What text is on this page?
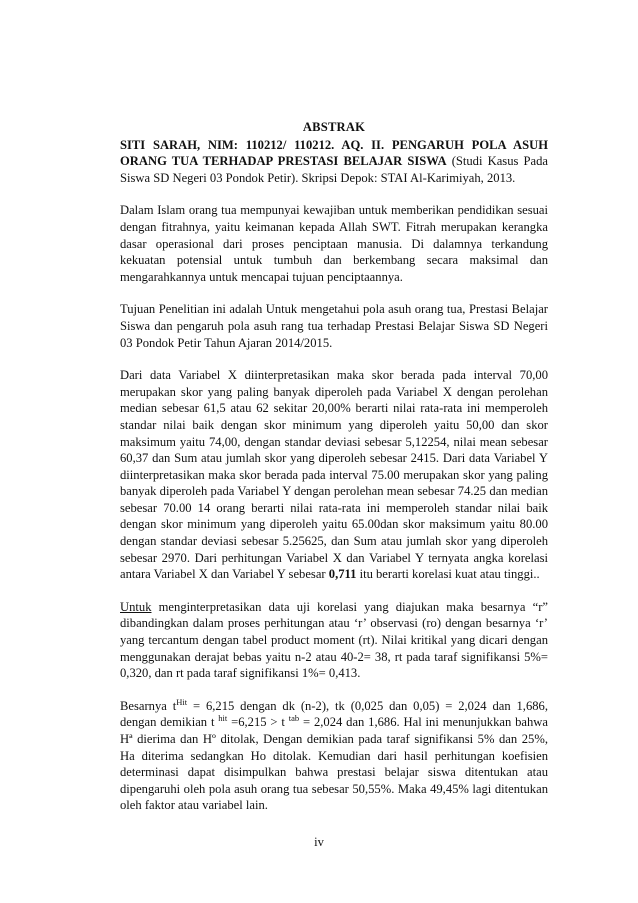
ABSTRAK

SITI SARAH, NIM: 110212/ 110212. AQ. II. PENGARUH POLA ASUH ORANG TUA TERHADAP PRESTASI BELAJAR SISWA (Studi Kasus Pada Siswa SD Negeri 03 Pondok Petir). Skripsi Depok: STAI Al-Karimiyah, 2013.

Dalam Islam orang tua mempunyai kewajiban untuk memberikan pendidikan sesuai dengan fitrahnya, yaitu keimanan kepada Allah SWT. Fitrah merupakan kerangka dasar operasional dari proses penciptaan manusia. Di dalamnya terkandung kekuatan potensial untuk tumbuh dan berkembang secara maksimal dan mengarahkannya untuk mencapai tujuan penciptaannya.

Tujuan Penelitian ini adalah Untuk mengetahui pola asuh orang tua, Prestasi Belajar Siswa dan pengaruh pola asuh rang tua terhadap Prestasi Belajar Siswa SD Negeri 03 Pondok Petir Tahun Ajaran 2014/2015.

Dari data Variabel X diinterpretasikan maka skor berada pada interval 70,00 merupakan skor yang paling banyak diperoleh pada Variabel X dengan perolehan median sebesar 61,5 atau 62 sekitar 20,00% berarti nilai rata-rata ini memperoleh standar nilai baik dengan skor minimum yang diperoleh yaitu 50,00 dan skor maksimum yaitu 74,00, dengan standar deviasi sebesar 5,12254, nilai mean sebesar 60,37 dan Sum atau jumlah skor yang diperoleh sebesar 2415. Dari data Variabel Y diinterpretasikan maka skor berada pada interval 75.00 merupakan skor yang paling banyak diperoleh pada Variabel Y dengan perolehan mean sebesar 74.25 dan median sebesar 70.00 14 orang berarti nilai rata-rata ini memperoleh standar nilai baik dengan skor minimum yang diperoleh yaitu 65.00dan skor maksimum yaitu 80.00 dengan standar deviasi sebesar 5.25625, dan Sum atau jumlah skor yang diperoleh sebesar 2970. Dari perhitungan Variabel X dan Variabel Y ternyata angka korelasi antara Variabel X dan Variabel Y sebesar 0,711 itu berarti korelasi kuat atau tinggi..

Untuk menginterpretasikan data uji korelasi yang diajukan maka besarnya “r” dibandingkan dalam proses perhitungan atau ‘r’ observasi (ro) dengan besarnya ‘r’ yang tercantum dengan tabel product moment (rt). Nilai kritikal yang dicari dengan menggunakan derajat bebas yaitu n-2 atau 40-2= 38, rt pada taraf signifikansi 5%= 0,320, dan rt pada taraf signifikansi 1%= 0,413.

Besarnya $t^{Hit} = 6,215$ dengan dk (n-2), tk (0,025 dan 0,05) = 2,024 dan 1,686, dengan demikian t $^{hit}$ =6,215 > t $^{tab}$ = 2,024 dan 1,686. Hal ini menunjukkan bahwa Hª dierima dan Hº ditolak, Dengan demikian pada taraf signifikansi 5% dan 25%, Ha diterima sedangkan Ho ditolak. Kemudian dari hasil perhitungan koefisien determinasi dapat disimpulkan bahwa prestasi belajar siswa ditentukan atau dipengaruhi oleh pola asuh orang tua sebesar 50,55%. Maka 49,45% lagi ditentukan oleh faktor atau variabel lain.

iv
